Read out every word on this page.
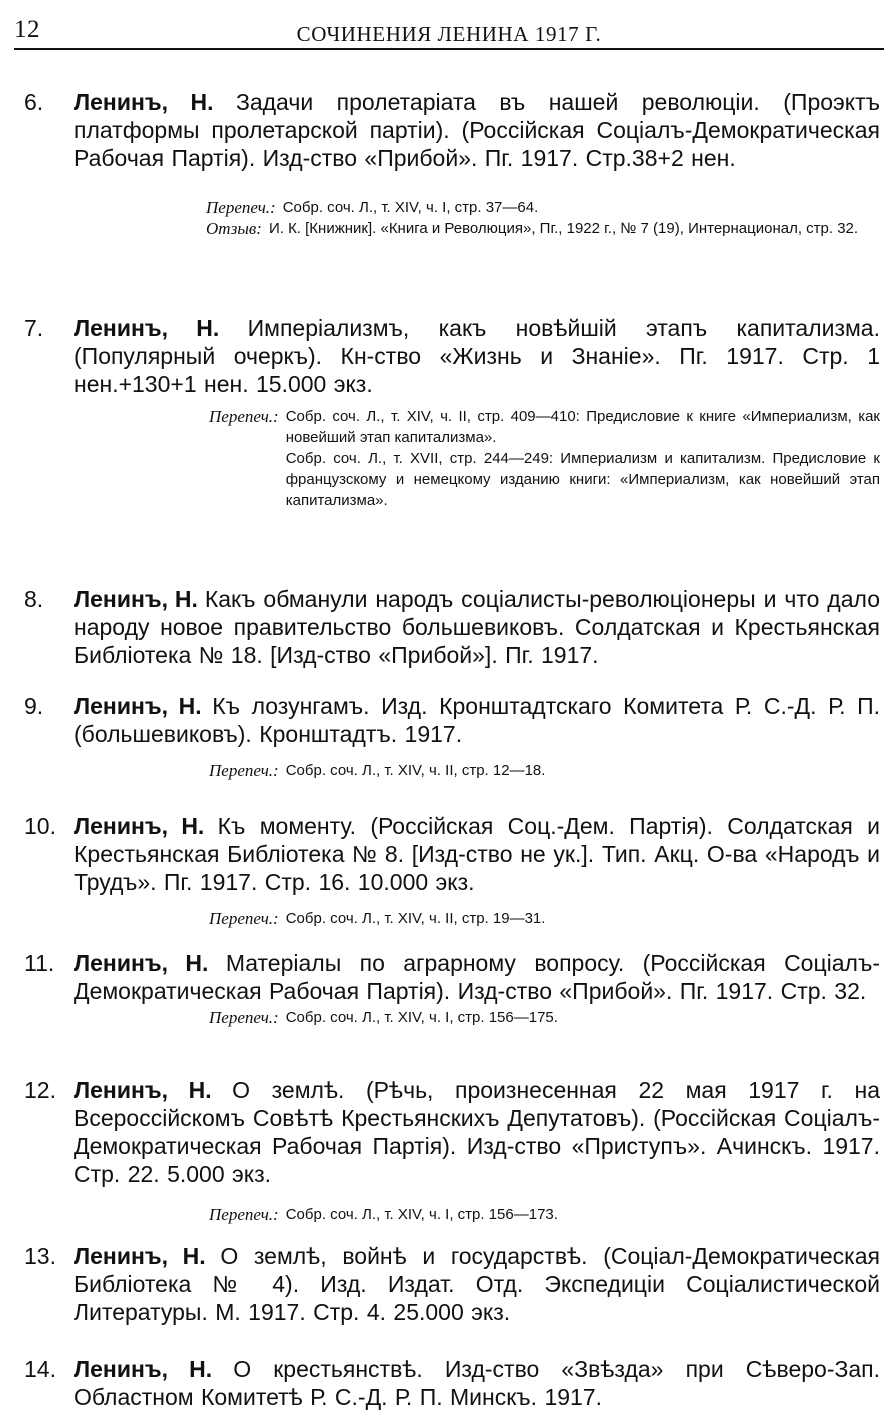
12	СОЧИНЕНИЯ ЛЕНИНА 1917 Г.
6.	Ленинъ, Н. Задачи пролетаріата въ нашей революціи. (Проэктъ платформы пролетарской партіи). (Россійская Соціалъ-Демократическая Рабочая Партія). Изд-ство «Прибой». Пг. 1917. Стр.38+2 нен.
Перепеч.: Собр. соч. Л., т. XIV, ч. I, стр. 37—64.
Отзыв: И. К. [Книжник]. «Книга и Революция», Пг., 1922 г., № 7 (19), Интернационал, стр. 32.
7.	Ленинъ, Н. Имперіализмъ, какъ новѣйшій этапъ капитализма. (Популярный очеркъ). Кн-ство «Жизнь и Знаніе». Пг. 1917. Стр. 1 нен.+130+1 нен. 15.000 экз.
Перепеч.: Собр. соч. Л., т. XIV, ч. II, стр. 409—410: Предисловие к книге «Империализм, как новейший этап капитализма».

Собр. соч. Л., т. XVII, стр. 244—249: Империализм и капитализм. Предисловие к французскому и немецкому изданию книги: «Империализм, как новейший этап капитализма».

8.	Ленинъ, Н. Какъ обманули народъ соціалисты-революціонеры и что дало народу новое правительство большевиковъ. Солдатская и Крестьянская Библіотека № 18. [Изд-ство «Прибой»]. Пг. 1917.
9.	Ленинъ, Н. Къ лозунгамъ. Изд. Кронштадтскаго Комитета Р. С.-Д. Р. П. (большевиковъ). Кронштадтъ. 1917.
Перепеч.: Собр. соч. Л., т. XIV, ч. II, стр. 12—18.
10. Ленинъ, Н. Къ моменту. (Россійская Соц.-Дем. Партія). Солдатская и Крестьянская Библіотека № 8. [Изд-ство не ук.]. Тип. Акц. О-ва «Народъ и Трудъ». Пг. 1917. Стр. 16. 10.000 экз.
Перепеч.: Собр. соч. Л., т. XIV, ч. II, стр. 19—31.
11. Ленинъ, Н. Матеріалы по аграрному вопросу. (Россійская Соціалъ-Демократическая Рабочая Партія). Изд-ство «Прибой». Пг. 1917. Стр. 32.
Перепеч.: Собр. соч. Л., т. XIV, ч. I, стр. 156—175.
12. Ленинъ, Н. О землѣ. (Рѣчь, произнесенная 22 мая 1917 г. на Всероссійскомъ Совѣтѣ Крестьянскихъ Депутатовъ). (Россійская Соціалъ-Демократическая Рабочая Партія). Изд-ство «Приступъ». Ачинскъ. 1917. Стр. 22. 5.000 экз.
Перепеч.: Собр. соч. Л., т. XIV, ч. I, стр. 156—173.
13. Ленинъ, Н. О землѣ, войнѣ и государствѣ. (Соціал-Демократическая Библіотека № 4). Изд. Издат. Отд. Экспедиціи Соціалистической Литературы. М. 1917. Стр. 4. 25.000 экз.
14. Ленинъ, Н. О крестьянствѣ. Изд-ство «Звѣзда» при Сѣверо-Зап. Областном Комитетѣ Р. С.-Д. Р. П. Минскъ. 1917.
